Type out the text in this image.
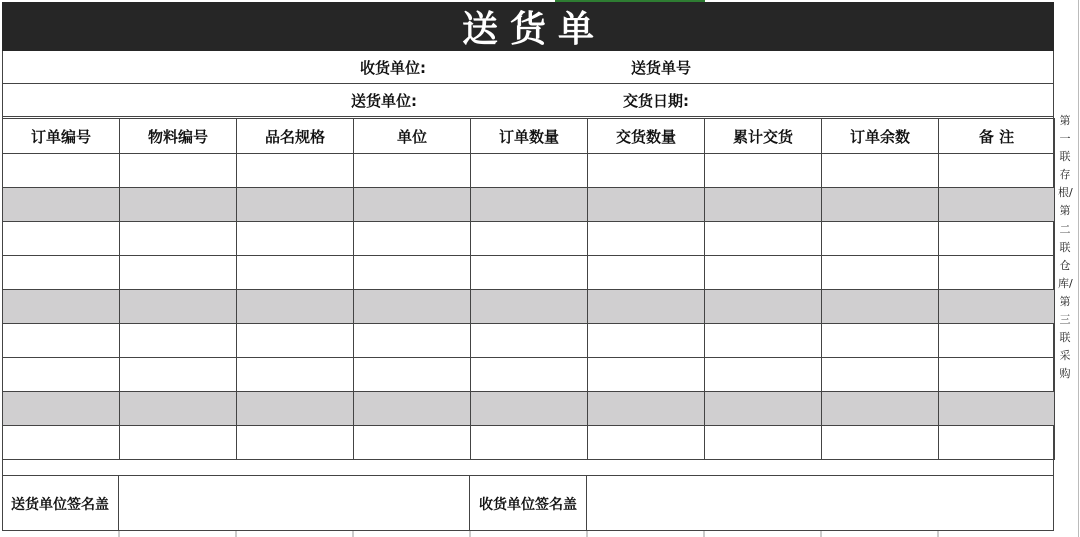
送货单
收货单位:	送货单号
送货单位:	交货日期:
订单编号	物料编号	品名规格	单位	订单数量	交货数量	累计交货	订单余数	备 注

送货单位签名盖	收货单位签名盖
第一联存根/第二联仓库/第三联采购
